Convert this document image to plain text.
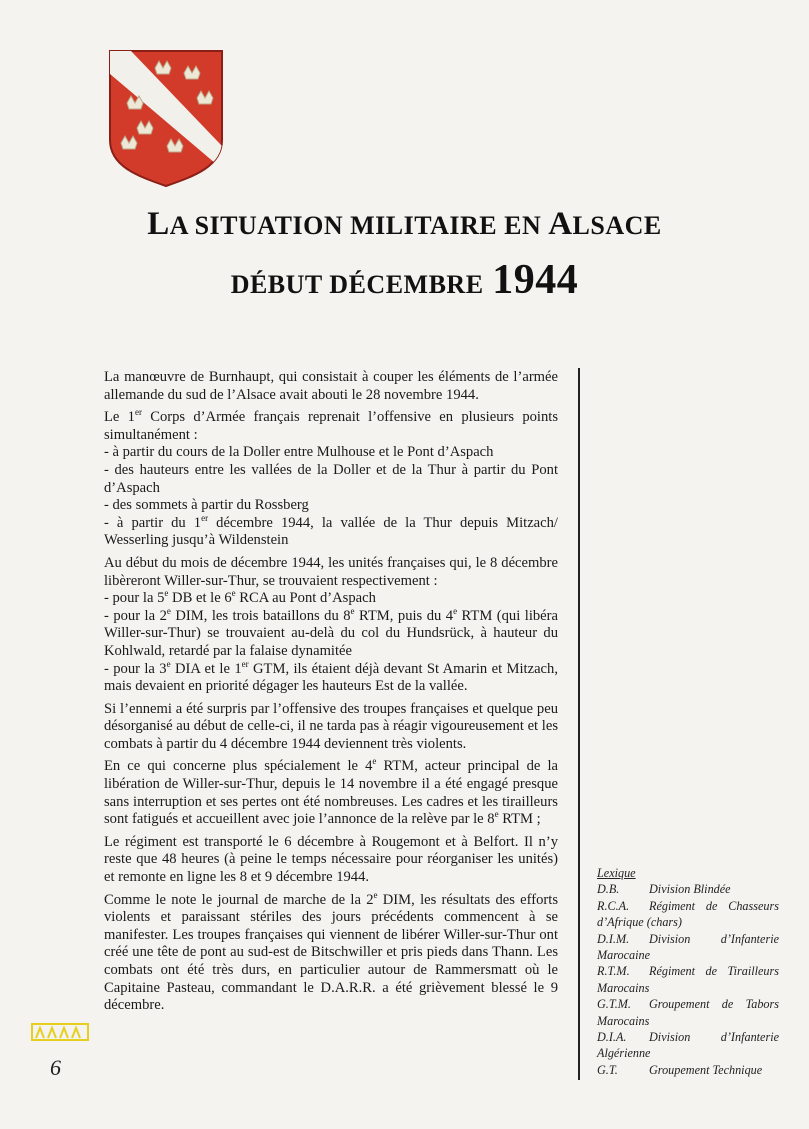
LA SITUATION MILITAIRE EN ALSACE
DÉBUT DÉCEMBRE 1944

La manœuvre de Burnhaupt, qui consistait à couper les éléments de l’armée allemande du sud de l’Alsace avait abouti le 28 novembre 1944.

Le 1er Corps d’Armée français reprenait l’offensive en plusieurs points simultanément :
- à partir du cours de la Doller entre Mulhouse et le Pont d’Aspach
- des hauteurs entre les vallées de la Doller et de la Thur à partir du Pont d’Aspach
- des sommets à partir du Rossberg
- à partir du 1er décembre 1944, la vallée de la Thur depuis Mitzach/ Wesserling jusqu’à Wildenstein

Au début du mois de décembre 1944, les unités françaises qui, le 8 décembre libèreront Willer-sur-Thur, se trouvaient respectivement :
- pour la 5e DB et le 6e RCA au Pont d’Aspach
- pour la 2e DIM, les trois bataillons du 8e RTM, puis du 4e RTM (qui libéra Willer-sur-Thur) se trouvaient au-delà du col du Hundsrück, à hauteur du Kohlwald, retardé par la falaise dynamitée
- pour la 3e DIA et le 1er GTM, ils étaient déjà devant St Amarin et Mitzach, mais devaient en priorité dégager les hauteurs Est de la vallée.

Si l’ennemi a été surpris par l’offensive des troupes françaises et quelque peu désorganisé au début de celle-ci, il ne tarda pas à réagir vigoureusement et les combats à partir du 4 décembre 1944 deviennent très violents.

En ce qui concerne plus spécialement le 4e RTM, acteur principal de la libération de Willer-sur-Thur, depuis le 14 novembre il a été engagé presque sans interruption et ses pertes ont été nombreuses. Les cadres et les tirailleurs sont fatigués et accueillent avec joie l’annonce de la relève par le 8e RTM ;

Le régiment est transporté le 6 décembre à Rougemont et à Belfort. Il n’y reste que 48 heures (à peine le temps nécessaire pour réorganiser les unités) et remonte en ligne les 8 et 9 décembre 1944.

Comme le note le journal de marche de la 2e DIM, les résultats des efforts violents et paraissant stériles des jours précédents commencent à se manifester. Les troupes françaises qui viennent de libérer Willer-sur-Thur ont créé une tête de pont au sud-est de Bitschwiller et pris pieds dans Thann. Les combats ont été très durs, en particulier autour de Rammersmatt où le Capitaine Pasteau, commandant le D.A.R.R. a été grièvement blessé le 9 décembre.

Lexique
D.B. Division Blindée
R.C.A. Régiment de Chasseurs d’Afrique (chars)
D.I.M. Division d’Infanterie Marocaine
R.T.M. Régiment de Tirailleurs Marocains
G.T.M. Groupement de Tabors Marocains
D.I.A. Division d’Infanterie Algérienne
G.T.	Groupement Technique
6
